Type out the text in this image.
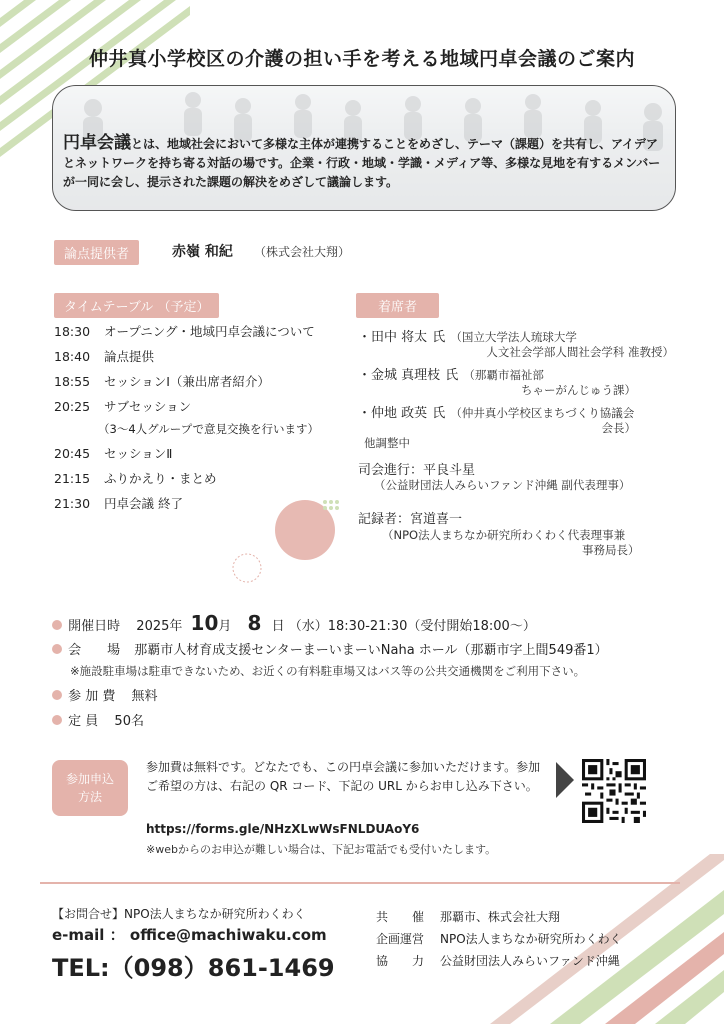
仲井真小学校区の介護の担い手を考える地域円卓会議のご案内
円卓会議とは、地域社会において多様な主体が連携することをめざし、テーマ（課題）を共有し、アイデアとネットワークを持ち寄る対話の場です。企業・行政・地域・学識・メディア等、多様な見地を有するメンバーが一同に会し、提示された課題の解決をめざして議論します。
論点提供者	赤嶺 和紀 （株式会社大翔）
タイムテーブル （予定）
18:30 オープニング・地域円卓会議について
18:40 論点提供
18:55 セッションⅠ（兼出席者紹介）
20:25 サブセッション
（3～4人グループで意見交換を行います）
20:45 セッションⅡ
21:15 ふりかえり・まとめ
21:30 円卓会議 終了
着席者
・田中 将太 氏 （国立大学法人琉球大学
人文社会学部人間社会学科 准教授）
・金城 真理枝 氏 （那覇市福祉部
ちゃーがんじゅう課）
・仲地 政英 氏 （仲井真小学校区まちづくり協議会
会長）
他調整中
司会進行：平良斗星
（公益財団法人みらいファンド沖縄 副代表理事）
記録者：宮道喜一
（NPO法人まちなか研究所わくわく代表理事兼
事務局長）
開催日時 2025年 10月 8 日 （水）18:30-21:30（受付開始18:00～）
会　　場 那覇市人材育成支援センターまーいまーいNaha ホール（那覇市字上間549番1）
※施設駐車場は駐車できないため、お近くの有料駐車場又はバス等の公共交通機関をご利用下さい。
参 加 費 無料
定 員 50名
参加申込
方法
参加費は無料です。どなたでも、この円卓会議に参加いただけます。参加ご希望の方は、右記の QR コード、下記の URL からお申し込み下さい。
https://forms.gle/NHzXLwWsFNLDUAoY6
※webからのお申込が難しい場合は、下記お電話でも受付いたします。
【お問合せ】NPO法人まちなか研究所わくわく
e-mail ： office@machiwaku.com
TEL:（098）861-1469
共　　催 那覇市、株式会社大翔
企画運営 NPO法人まちなか研究所わくわく
協　　力 公益財団法人みらいファンド沖縄
